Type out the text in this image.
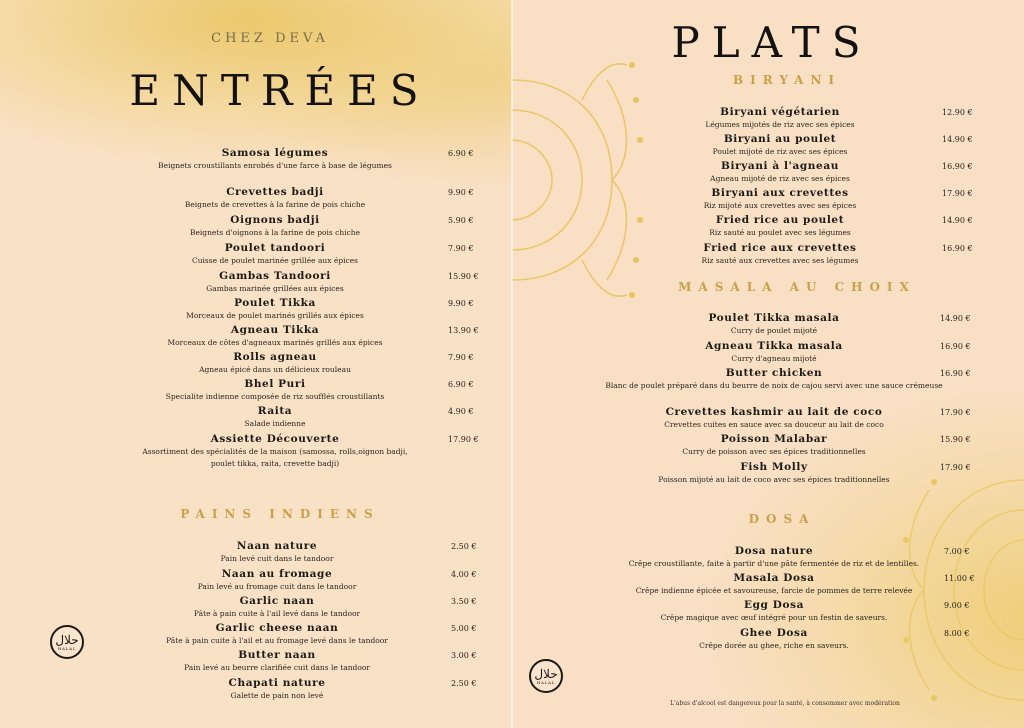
CHEZ DEVA
ENTRÉES
Samosa légumes
Beignets croustillants enrobés d'une farce à base de légumes
6.90 €
Crevettes badji
Beignets de crevettes à la farine de pois chiche
9.90 €
Oignons badji
Beignets d'oignons à la farine de pois chiche
5.90 €
Poulet tandoori
Cuisse de poulet marinée grillée aux épices
7.90 €
Gambas Tandoori
Gambas marinée grillées aux épices
15.90 €
Poulet Tikka
Morceaux de poulet marinés grillés aux épices
9.90 €
Agneau Tikka
Morceaux de côtes d'agneaux marinés grillés aux épices
13.90 €
Rolls agneau
Agneau épicé dans un délicieux rouleau
7.90 €
Bhel Puri
Specialite indienne composée de riz soufflés croustillants
6.90 €
Raita
Salade indienne
4.90 €
Assiette Découverte
Assortiment des spécialités de la maison (samossa, rolls,oignon badji, poulet tikka, raita, crevette badji)
17.90 €
PAINS INDIENS
Naan nature
Pain levé cuit dans le tandoor
2.50 €
Naan au fromage
Pain levé au fromage cuit dans le tandoor
4.00 €
Garlic naan
Pâte à pain cuite à l'ail levé dans le tandoor
3.50 €
Garlic cheese naan
Pâte à pain cuite à l'ail et au fromage levé dans le tandoor
5.00 €
Butter naan
Pain levé au beurre clarifiée cuit dans le tandoor
3.00 €
Chapati nature
Galette de pain non levé
2.50 €
حلال
HALAL
PLATS
BIRYANI
Biryani végétarien
Légumes mijotés de riz avec ses épices
12.90 €
Biryani au poulet
Poulet mijoté de riz avec ses épices
14.90 €
Biryani à l'agneau
Agneau mijoté de riz avec ses épices
16.90 €
Biryani aux crevettes
Riz mijoté aux crevettes avec ses épices
17.90 €
Fried rice au poulet
Riz sauté au poulet avec ses légumes
14.90 €
Fried rice aux crevettes
Riz sauté aux crevettes avec ses légumes
16.90 €
MASALA AU CHOIX
Poulet Tikka masala
Curry de poulet mijoté
14.90 €
Agneau Tikka masala
Curry d'agneau mijoté
16.90 €
Butter chicken
Blanc de poulet préparé dans du beurre de noix de cajou servi avec une sauce crémeuse
16.90 €
Crevettes kashmir au lait de coco
Crevettes cuites en sauce avec sa douceur au lait de coco
17.90 €
Poisson Malabar
Curry de poisson avec ses épices traditionnelles
15.90 €
Fish Molly
Poisson mijoté au lait de coco avec ses épices traditionnelles
17.90 €
DOSA
Dosa nature
Crêpe croustillante, faite à partir d'une pâte fermentée de riz et de lentilles.
7.00 €
Masala Dosa
Crêpe indienne épicée et savoureuse, farcie de pommes de terre relevée
11.00 €
Egg Dosa
Crêpe magique avec œuf intégré pour un festin de saveurs.
9.00 €
Ghee Dosa
Crêpe dorée au ghee, riche en saveurs.
8.00 €
حلال
HALAL
L'abus d'alcool est dangereux pour la santé, à consommer avec modération
